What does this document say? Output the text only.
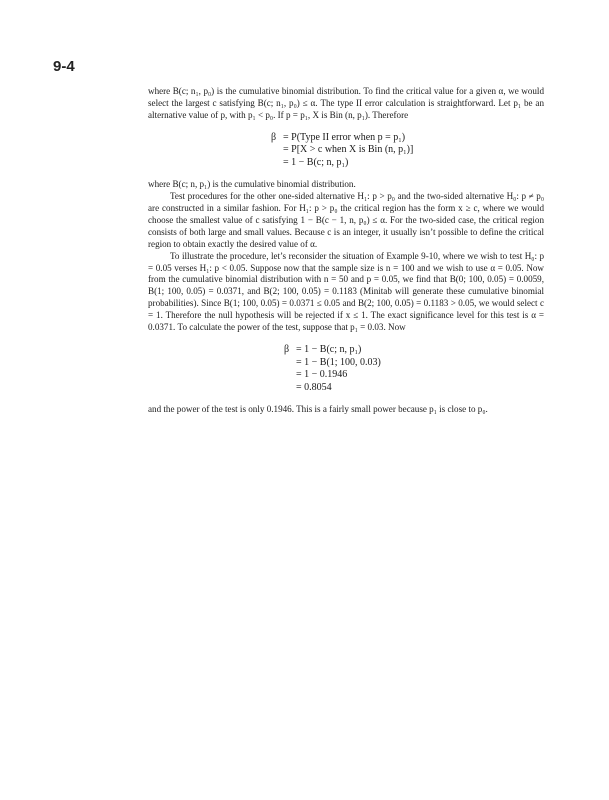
9-4

where B(c; n₁, p₀) is the cumulative binomial distribution. To find the critical value for a given α, we would select the largest c satisfying B(c; n₁, p₀) ≤ α. The type II error calculation is straightforward. Let p₁ be an alternative value of p, with p₁ < p₀. If p = p₁, X is Bin (n, p₁). Therefore

β = P(Type II error when p = p₁)
= P[X > c when X is Bin (n, p₁)]
= 1 − B(c; n, p₁)

where B(c; n, p₁) is the cumulative binomial distribution.

Test procedures for the other one-sided alternative H₁: p > p₀ and the two-sided alternative H₀: p ≠ p₀ are constructed in a similar fashion. For H₁: p > p₀ the critical region has the form x ≥ c, where we would choose the smallest value of c satisfying 1 − B(c − 1, n, p₀) ≤ α. For the two-sided case, the critical region consists of both large and small values. Because c is an integer, it usually isn’t possible to define the critical region to obtain exactly the desired value of α.

To illustrate the procedure, let’s reconsider the situation of Example 9-10, where we wish to test H₀: p = 0.05 verses H₁: p < 0.05. Suppose now that the sample size is n = 100 and we wish to use α = 0.05. Now from the cumulative binomial distribution with n = 50 and p = 0.05, we find that B(0; 100, 0.05) = 0.0059, B(1; 100, 0.05) = 0.0371, and B(2; 100, 0.05) = 0.1183 (Minitab will generate these cumulative binomial probabilities). Since B(1; 100, 0.05) = 0.0371 ≤ 0.05 and B(2; 100, 0.05) = 0.1183 > 0.05, we would select c = 1. Therefore the null hypothesis will be rejected if x ≤ 1. The exact significance level for this test is α = 0.0371. To calculate the power of the test, suppose that p₁ = 0.03. Now

β = 1 − B(c; n, p₁)
= 1 − B(1; 100, 0.03)
= 1 − 0.1946
= 0.8054

and the power of the test is only 0.1946. This is a fairly small power because p₁ is close to p₀.
